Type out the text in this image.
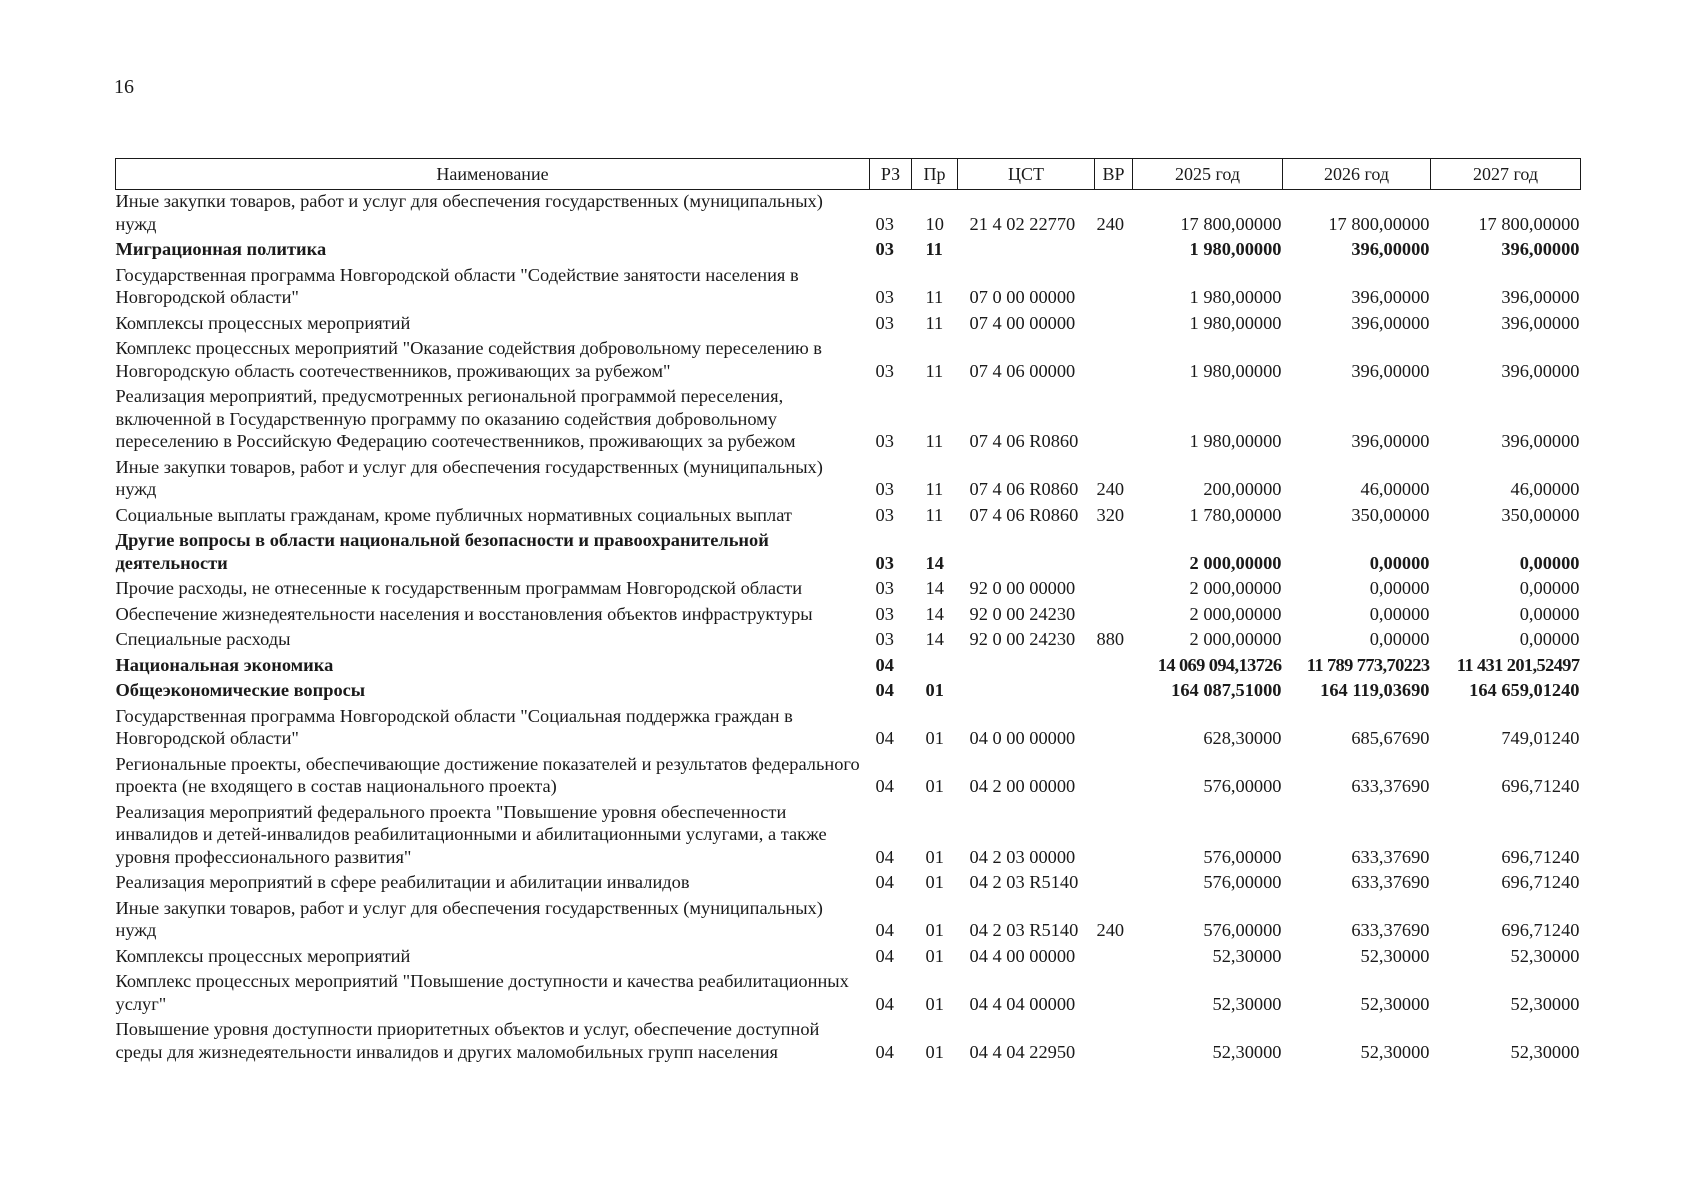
16
Наименование	РЗ	Пр	ЦСТ	ВР	2025 год	2026 год	2027 год
Иные закупки товаров, работ и услуг для обеспечения государственных (муниципальных) нужд	03	10	21 4 02 22770	240	17 800,00000	17 800,00000	17 800,00000
Миграционная политика	03	11			1 980,00000	396,00000	396,00000
Государственная программа Новгородской области "Содействие занятости населения в Новгородской области"	03	11	07 0 00 00000		1 980,00000	396,00000	396,00000
Комплексы процессных мероприятий	03	11	07 4 00 00000		1 980,00000	396,00000	396,00000
Комплекс процессных мероприятий "Оказание содействия добровольному переселению в Новгородскую область соотечественников, проживающих за рубежом"	03	11	07 4 06 00000		1 980,00000	396,00000	396,00000
Реализация мероприятий, предусмотренных региональной программой переселения, включенной в Государственную программу по оказанию содействия добровольному переселению в Российскую Федерацию соотечественников, проживающих за рубежом	03	11	07 4 06 R0860		1 980,00000	396,00000	396,00000
Иные закупки товаров, работ и услуг для обеспечения государственных (муниципальных) нужд	03	11	07 4 06 R0860	240	200,00000	46,00000	46,00000
Социальные выплаты гражданам, кроме публичных нормативных социальных выплат	03	11	07 4 06 R0860	320	1 780,00000	350,00000	350,00000
Другие вопросы в области национальной безопасности и правоохранительной деятельности	03	14			2 000,00000	0,00000	0,00000
Прочие расходы, не отнесенные к государственным программам Новгородской области	03	14	92 0 00 00000		2 000,00000	0,00000	0,00000
Обеспечение жизнедеятельности населения и восстановления объектов инфраструктуры	03	14	92 0 00 24230		2 000,00000	0,00000	0,00000
Специальные расходы	03	14	92 0 00 24230	880	2 000,00000	0,00000	0,00000
Национальная экономика	04				14 069 094,13726	11 789 773,70223	11 431 201,52497
Общеэкономические вопросы	04	01			164 087,51000	164 119,03690	164 659,01240
Государственная программа Новгородской области "Социальная поддержка граждан в Новгородской области"	04	01	04 0 00 00000		628,30000	685,67690	749,01240
Региональные проекты, обеспечивающие достижение показателей и результатов федерального проекта (не входящего в состав национального проекта)	04	01	04 2 00 00000		576,00000	633,37690	696,71240
Реализация мероприятий федерального проекта "Повышение уровня обеспеченности инвалидов и детей-инвалидов реабилитационными и абилитационными услугами, а также уровня профессионального развития"	04	01	04 2 03 00000		576,00000	633,37690	696,71240
Реализация мероприятий в сфере реабилитации и абилитации инвалидов	04	01	04 2 03 R5140		576,00000	633,37690	696,71240
Иные закупки товаров, работ и услуг для обеспечения государственных (муниципальных) нужд	04	01	04 2 03 R5140	240	576,00000	633,37690	696,71240
Комплексы процессных мероприятий	04	01	04 4 00 00000		52,30000	52,30000	52,30000
Комплекс процессных мероприятий "Повышение доступности и качества реабилитационных услуг"	04	01	04 4 04 00000		52,30000	52,30000	52,30000
Повышение уровня доступности приоритетных объектов и услуг, обеспечение доступной среды для жизнедеятельности инвалидов и других маломобильных групп населения	04	01	04 4 04 22950		52,30000	52,30000	52,30000
